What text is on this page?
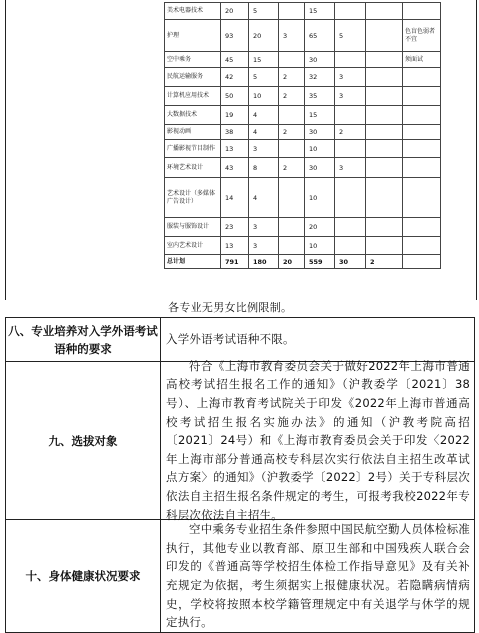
美术电器技术	20	5		15			
护理	93	20	3	65	5		色盲色弱者不宜
空中乘务	45	15		30			须面试
民航运输服务	42	5	2	32	3		
计算机应用技术	50	10	2	35	3		
大数据技术	19	4		15			
影视动画	38	4	2	30	2		
广播影视节目制作	13	3		10			
环境艺术设计	43	8	2	30	3		
艺术设计（多媒体广告设计）	14	4		10			
服装与服饰设计	23	3		20			
室内艺术设计	13	3		10			
总计划	791	180	20	559	30	2	
各专业无男女比例限制。
八、专业培养对入学外语考试语种的要求
入学外语考试语种不限。
九、选拔对象
符合《上海市教育委员会关于做好2022年上海市普通高校考试招生报名工作的通知》（沪教委学〔2021〕38号）、上海市教育考试院关于印发《2022年上海市普通高校考试招生报名实施办法》的通知（沪教考院高招〔2021〕24号）和《上海市教育委员会关于印发〈2022年上海市部分普通高校专科层次实行依法自主招生改革试点方案〉的通知》（沪教委学〔2022〕2号）关于专科层次依法自主招生报名条件规定的考生，可报考我校2022年专科层次依法自主招生。
十、身体健康状况要求
空中乘务专业招生条件参照中国民航空勤人员体检标准执行，其他专业以教育部、原卫生部和中国残疾人联合会印发的《普通高等学校招生体检工作指导意见》及有关补充规定为依据，考生须据实上报健康状况。若隐瞒病情病史，学校将按照本校学籍管理规定中有关退学与休学的规定执行。
